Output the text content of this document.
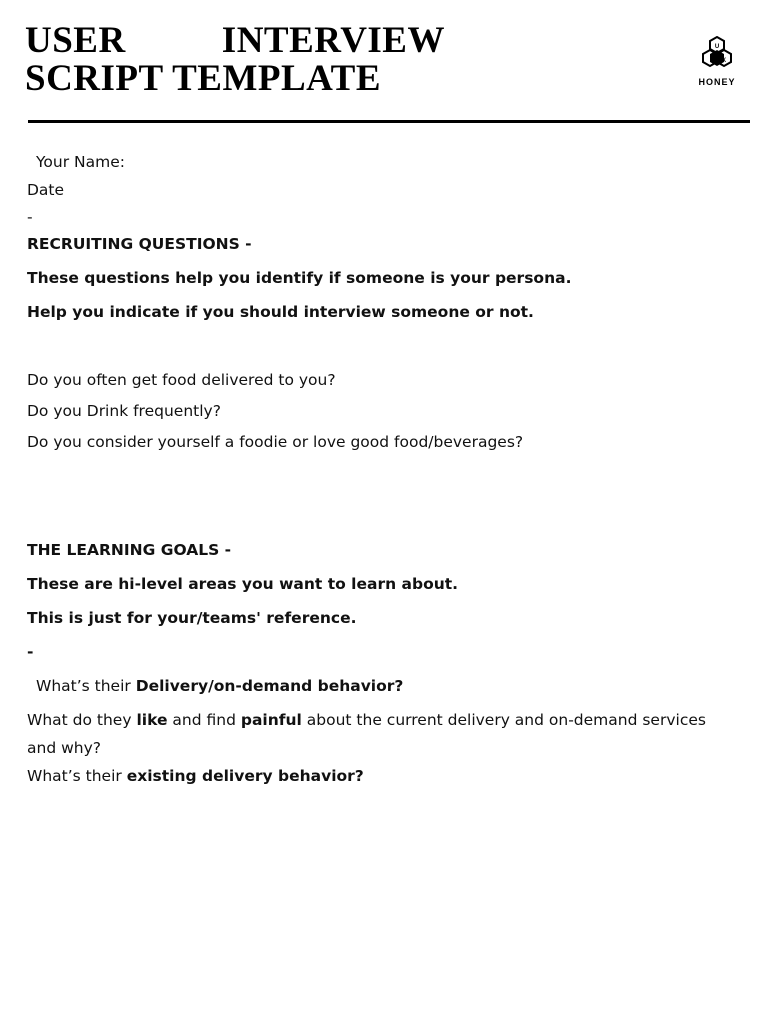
USER	INTERVIEW
SCRIPT TEMPLATE
U
X
HONEY
Your Name:
Date
-
RECRUITING QUESTIONS -
These questions help you identify if someone is your persona.
Help you indicate if you should interview someone or not.
Do you often get food delivered to you?
Do you Drink frequently?
Do you consider yourself a foodie or love good food/beverages?
THE LEARNING GOALS -
These are hi-level areas you want to learn about.
This is just for your/teams' reference.
-
What’s their Delivery/on-demand behavior?
What do they like and find painful about the current delivery and on-demand services and why?
What’s their existing delivery behavior?
